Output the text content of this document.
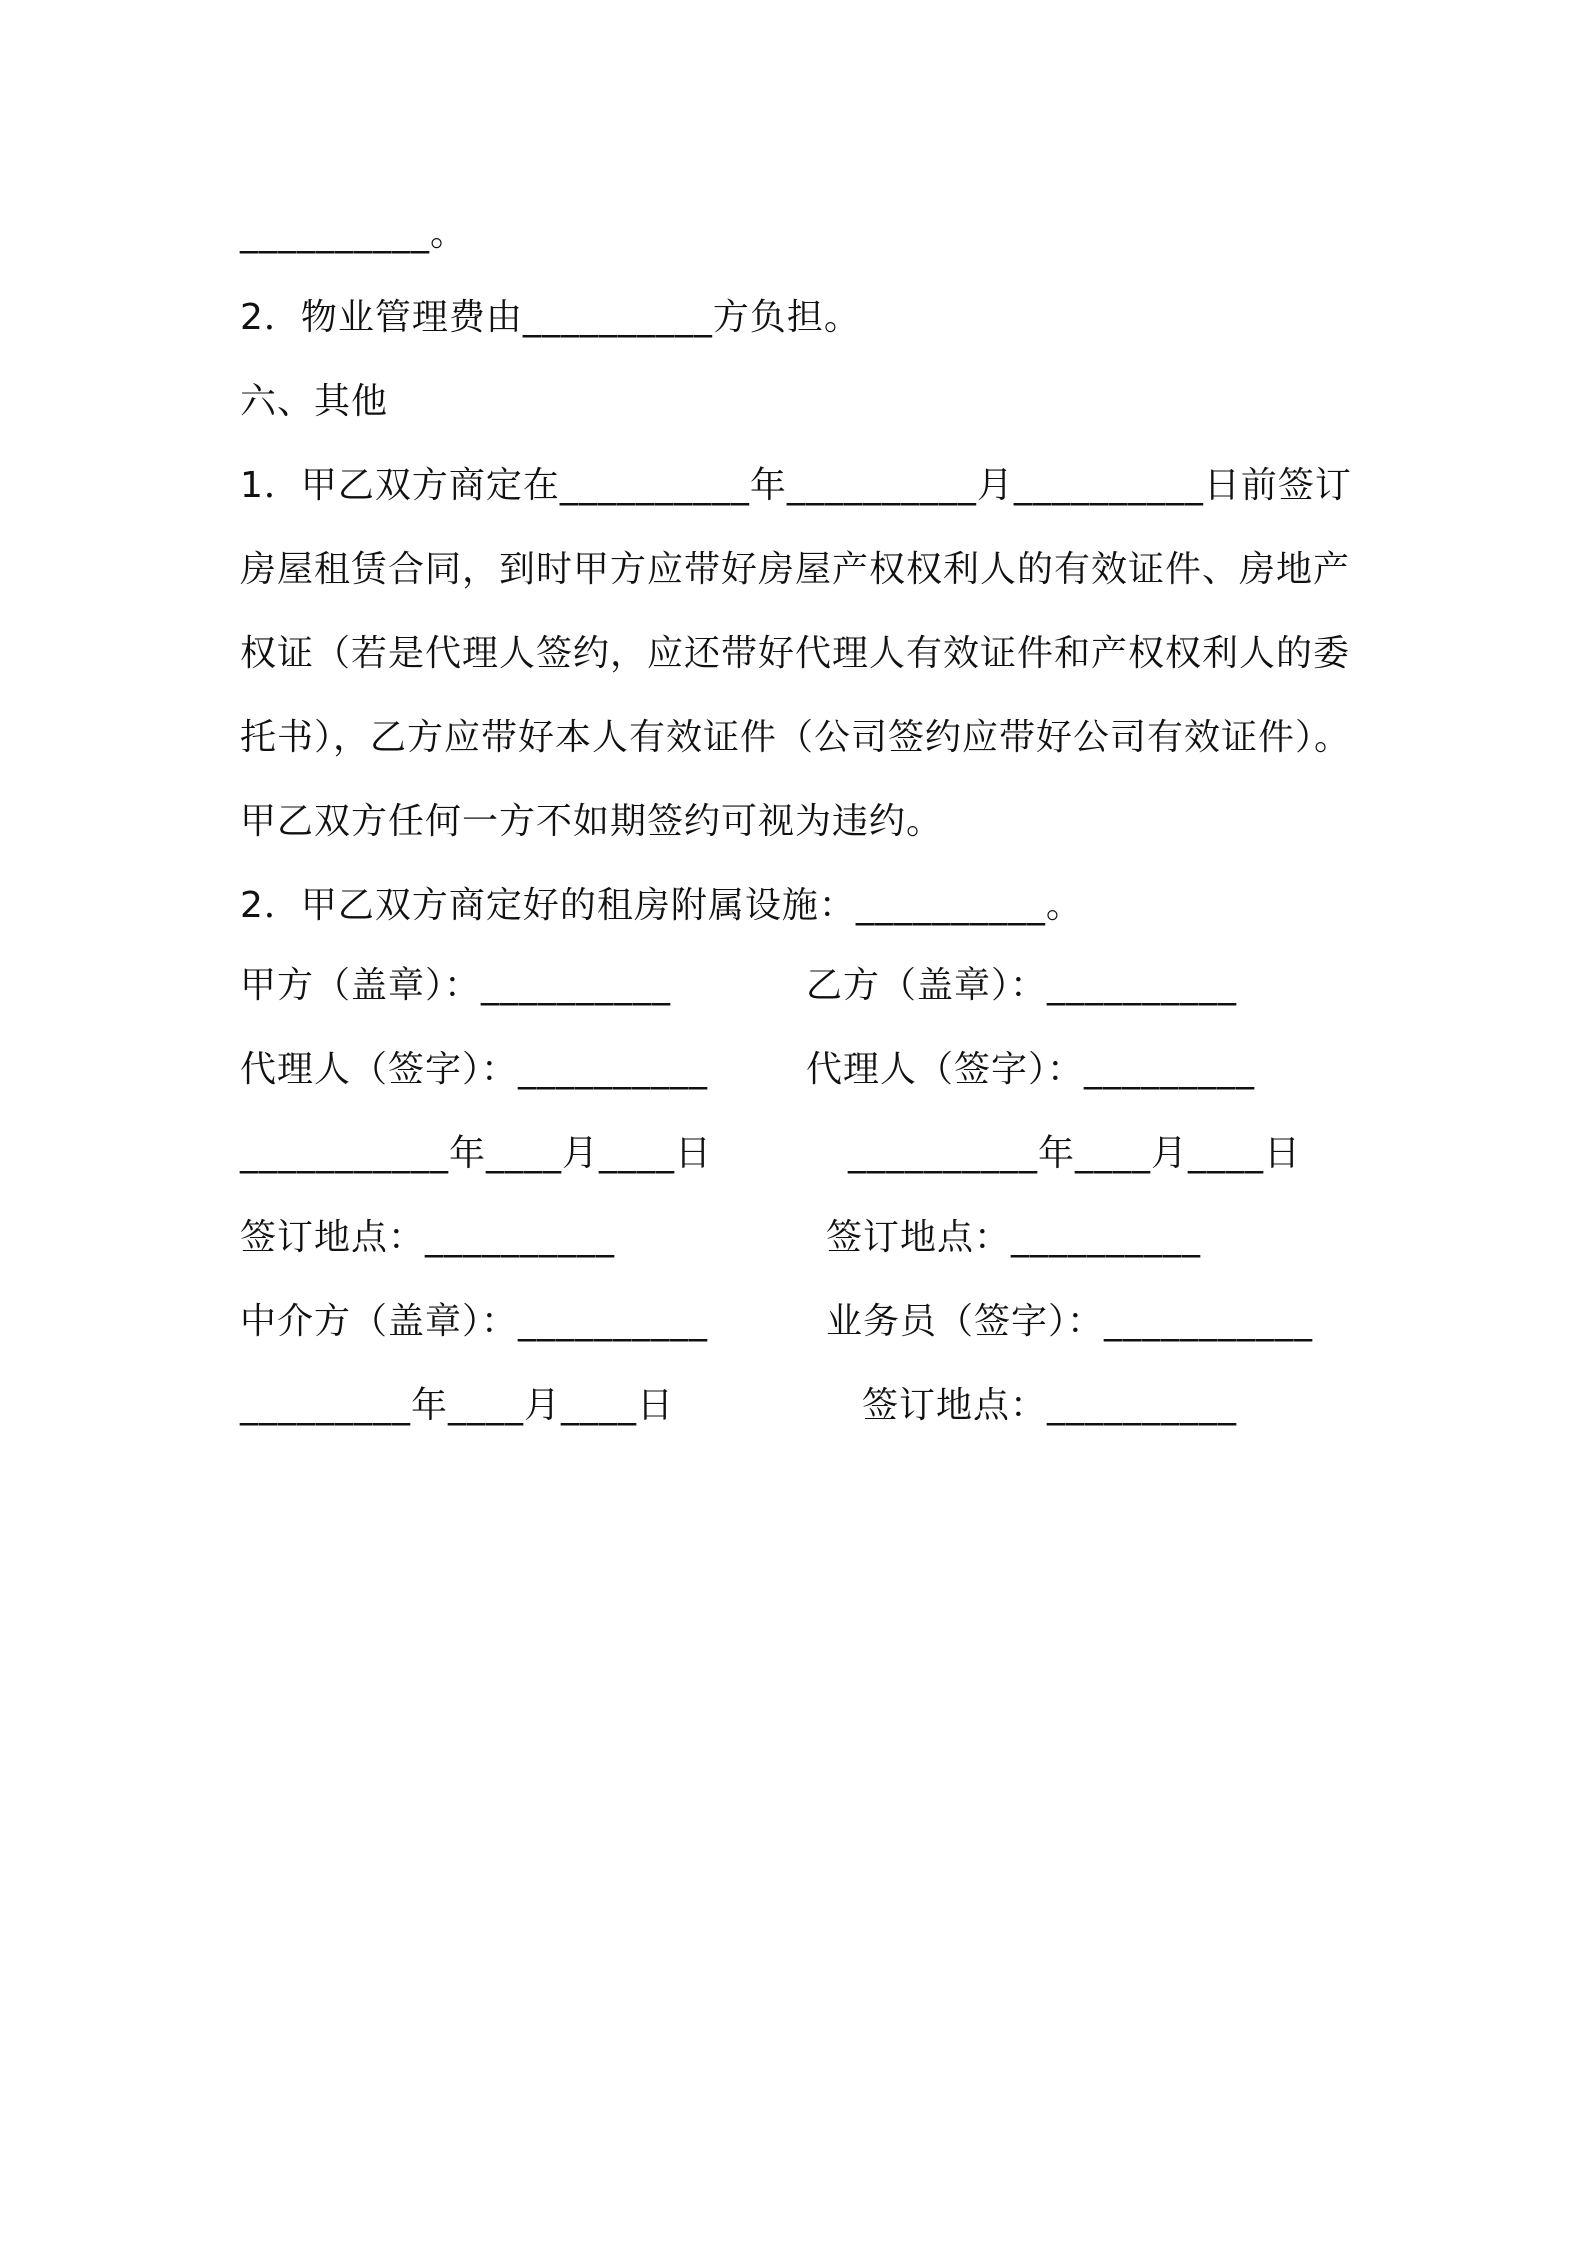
__________。
2．物业管理费由__________方负担。
六、其他
1．甲乙双方商定在__________年__________月__________日前签订
房屋租赁合同，到时甲方应带好房屋产权权利人的有效证件、房地产
权证（若是代理人签约，应还带好代理人有效证件和产权权利人的委
托书），乙方应带好本人有效证件（公司签约应带好公司有效证件）。
甲乙双方任何一方不如期签约可视为违约。
2．甲乙双方商定好的租房附属设施：__________。
甲方（盖章）：__________	乙方（盖章）：__________
代理人（签字）：__________	代理人（签字）：_________
___________年____月____日	__________年____月____日
签订地点：__________	签订地点：__________
中介方（盖章）：__________	业务员（签字）：___________
_________年____月____日	签订地点：__________
